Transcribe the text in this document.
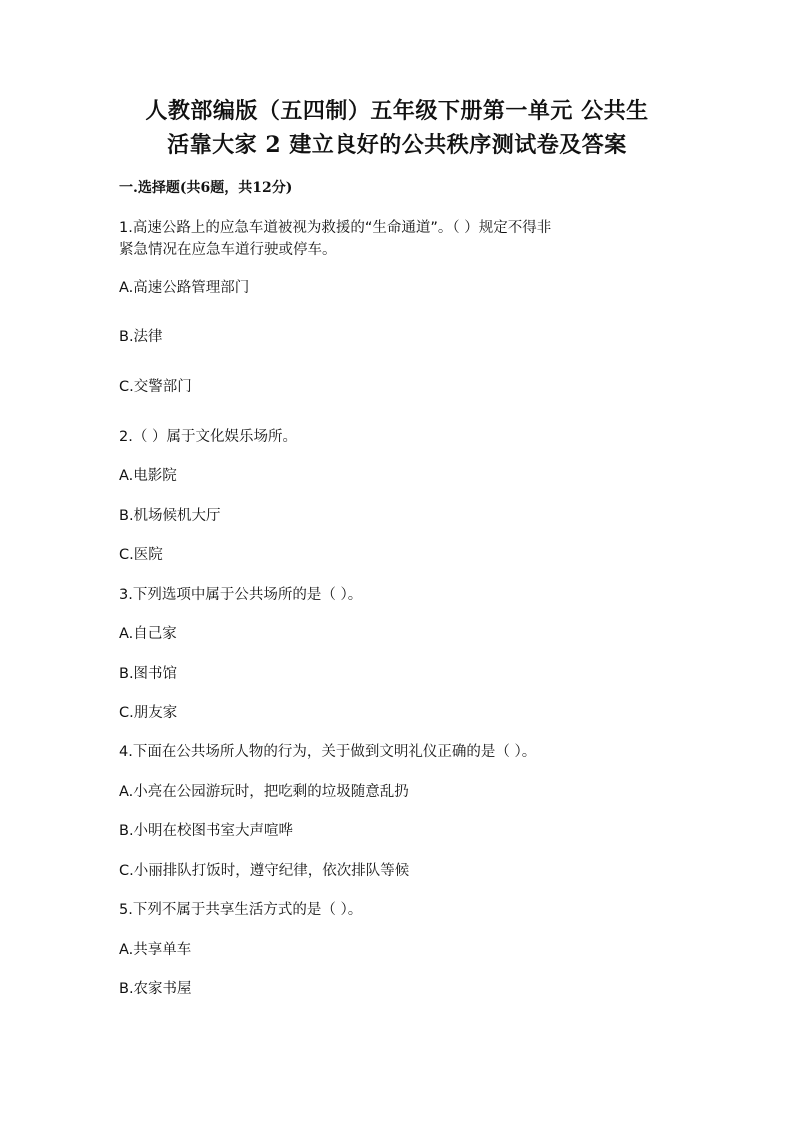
人教部编版（五四制）五年级下册第一单元 公共生
活靠大家 2 建立良好的公共秩序测试卷及答案
一.选择题(共6题，共12分)
1.高速公路上的应急车道被视为救援的“生命通道”。（ ）规定不得非
紧急情况在应急车道行驶或停车。
A.高速公路管理部门
B.法律
C.交警部门
2.（ ）属于文化娱乐场所。
A.电影院
B.机场候机大厅
C.医院
3.下列选项中属于公共场所的是（ ）。
A.自己家
B.图书馆
C.朋友家
4.下面在公共场所人物的行为，关于做到文明礼仪正确的是（ ）。
A.小亮在公园游玩时，把吃剩的垃圾随意乱扔
B.小明在校图书室大声喧哗
C.小丽排队打饭时，遵守纪律，依次排队等候
5.下列不属于共享生活方式的是（ ）。
A.共享单车
B.农家书屋
